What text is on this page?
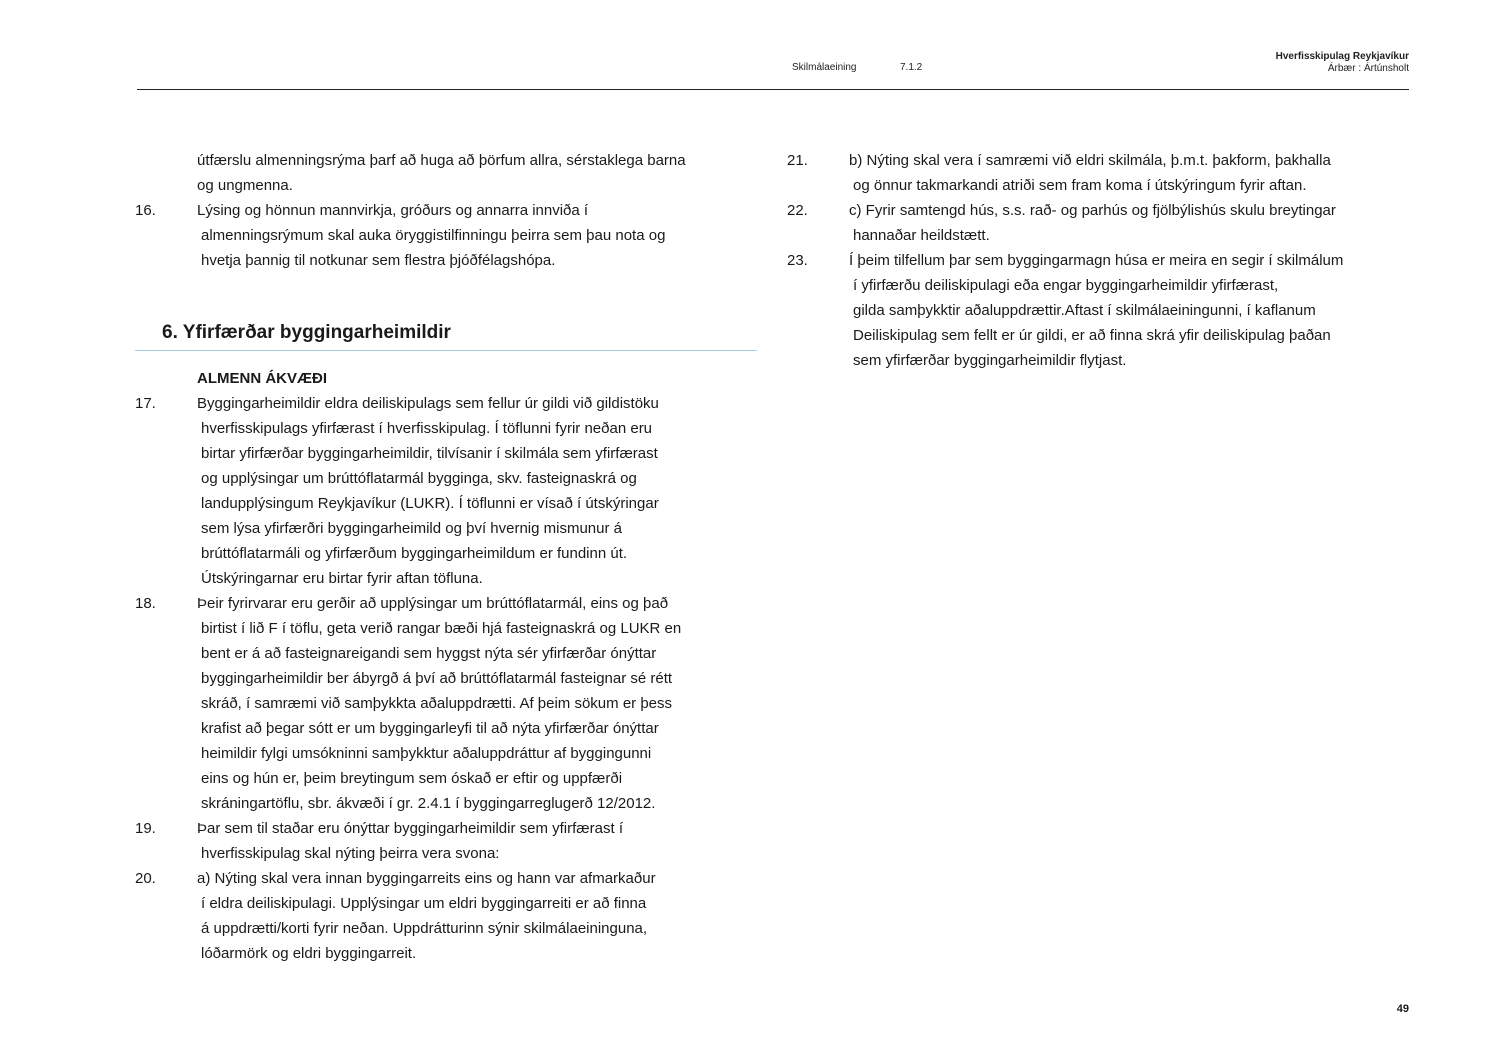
Skilmálaeining	7.1.2
Hverfisskipulag Reykjavíkur
Árbær : Ártúnsholt
útfærslu almenningsrýma þarf að huga að þörfum allra, sérstaklega barna
og ungmenna.
16.	Lýsing og hönnun mannvirkja, gróðurs og annarra innviða í
almenningsrýmum skal auka öryggistilfinningu þeirra sem þau nota og
hvetja þannig til notkunar sem flestra þjóðfélagshópa.
6. Yfirfærðar byggingarheimildir
ALMENN ÁKVÆÐI
17.	Byggingarheimildir eldra deiliskipulags sem fellur úr gildi við gildistöku
hverfisskipulags yfirfærast í hverfisskipulag. Í töflunni fyrir neðan eru
birtar yfirfærðar byggingarheimildir, tilvísanir í skilmála sem yfirfærast
og upplýsingar um brúttóflatarmál bygginga, skv. fasteignaskrá og
landupplýsingum Reykjavíkur (LUKR). Í töflunni er vísað í útskýringar
sem lýsa yfirfærðri byggingarheimild og því hvernig mismunur á
brúttóflatarmáli og yfirfærðum byggingarheimildum er fundinn út.
Útskýringarnar eru birtar fyrir aftan töfluna.
18.	Þeir fyrirvarar eru gerðir að upplýsingar um brúttóflatarmál, eins og það
birtist í lið F í töflu, geta verið rangar bæði hjá fasteignaskrá og LUKR en
bent er á að fasteignareigandi sem hyggst nýta sér yfirfærðar ónýttar
byggingarheimildir ber ábyrgð á því að brúttóflatarmál fasteignar sé rétt
skráð, í samræmi við samþykkta aðaluppdrætti. Af þeim sökum er þess
krafist að þegar sótt er um byggingarleyfi til að nýta yfirfærðar ónýttar
heimildir fylgi umsókninni samþykktur aðaluppdráttur af byggingunni
eins og hún er, þeim breytingum sem óskað er eftir og uppfærði
skráningartöflu, sbr. ákvæði í gr. 2.4.1 í byggingarreglugerð 12/2012.
19.	Þar sem til staðar eru ónýttar byggingarheimildir sem yfirfærast í
hverfisskipulag skal nýting þeirra vera svona:
20.	a) Nýting skal vera innan byggingarreits eins og hann var afmarkaður
í eldra deiliskipulagi. Upplýsingar um eldri byggingarreiti er að finna
á uppdrætti/korti fyrir neðan. Uppdrátturinn sýnir skilmálaeininguna,
lóðarmörk og eldri byggingarreit.
21.	b) Nýting skal vera í samræmi við eldri skilmála, þ.m.t. þakform, þakhalla
og önnur takmarkandi atriði sem fram koma í útskýringum fyrir aftan.
22.	c) Fyrir samtengd hús, s.s. rað- og parhús og fjölbýlishús skulu breytingar
hannaðar heildstætt.
23.	Í þeim tilfellum þar sem byggingarmagn húsa er meira en segir í skilmálum
í yfirfærðu deiliskipulagi eða engar byggingarheimildir yfirfærast,
gilda samþykktir aðaluppdrættir.Aftast í skilmálaeiningunni, í kaflanum
Deiliskipulag sem fellt er úr gildi, er að finna skrá yfir deiliskipulag þaðan
sem yfirfærðar byggingarheimildir flytjast.
49
